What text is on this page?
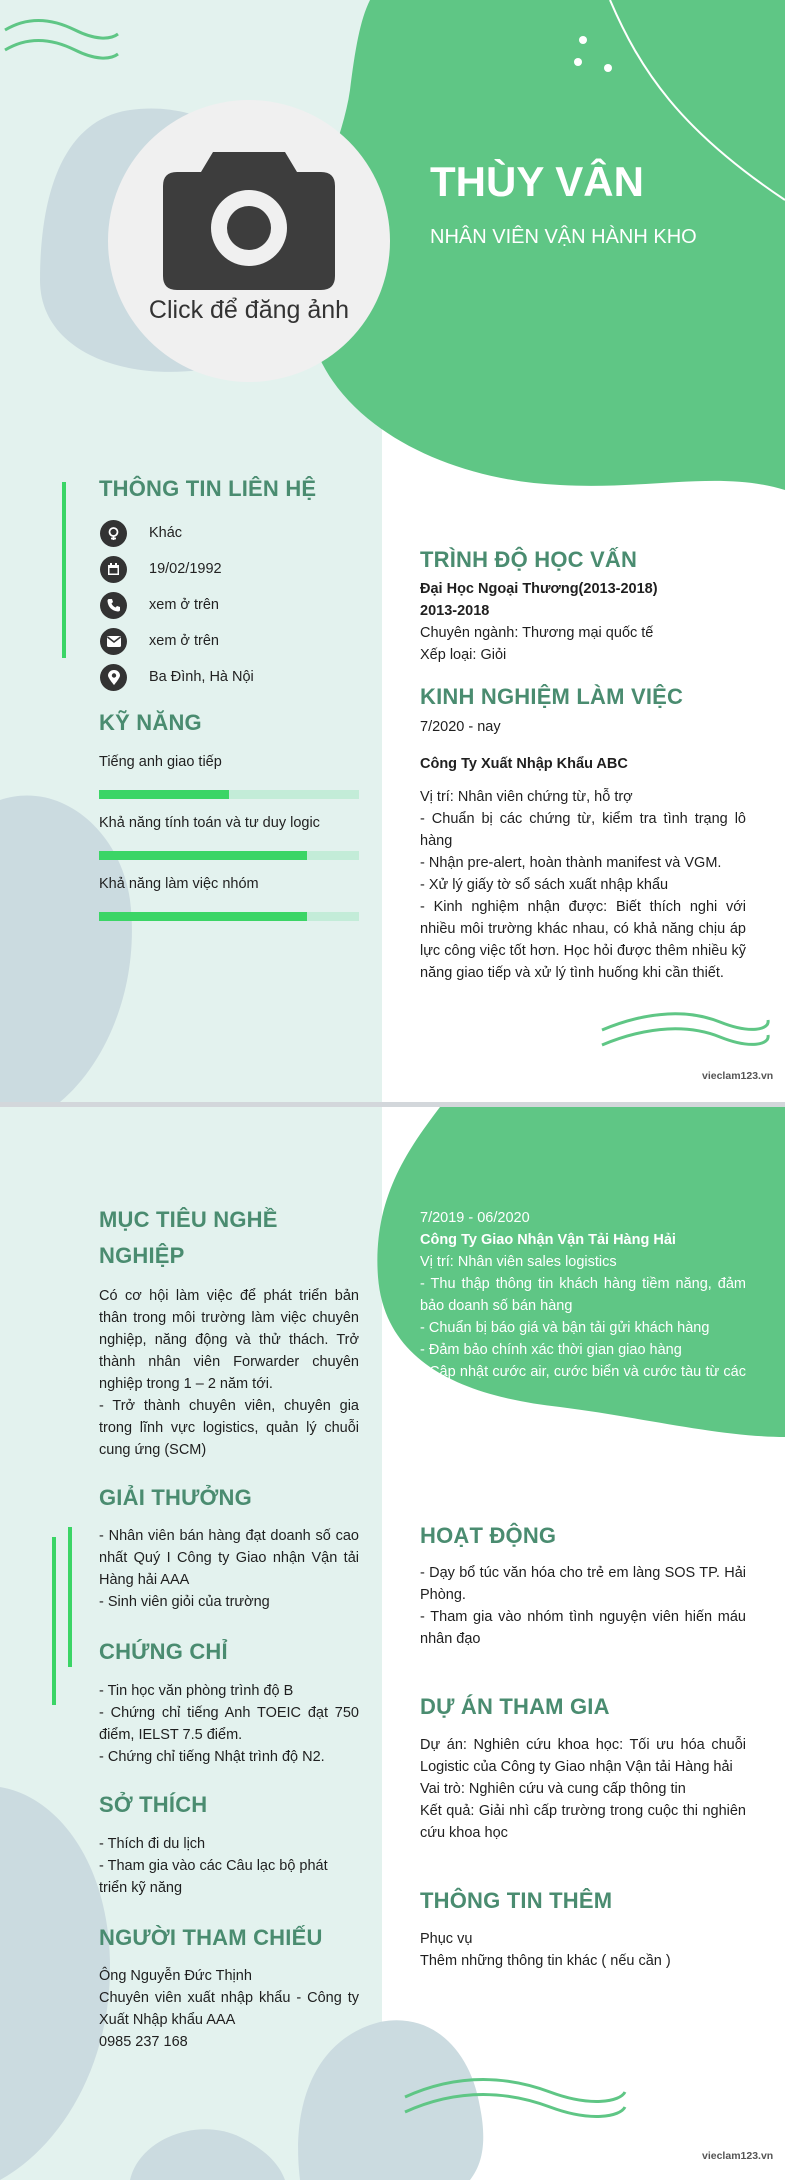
Click để đăng ảnh
THÙY VÂN
NHÂN VIÊN VẬN HÀNH KHO
THÔNG TIN LIÊN HỆ
Khác
19/02/1992
xem ở trên
xem ở trên
Ba Đình, Hà Nội
KỸ NĂNG
Tiếng anh giao tiếp
Khả năng tính toán và tư duy logic
Khả năng làm việc nhóm
TRÌNH ĐỘ HỌC VẤN
Đại Học Ngoại Thương(2013-2018)
2013-2018
Chuyên ngành: Thương mại quốc tế
Xếp loại: Giỏi
KINH NGHIỆM LÀM VIỆC
7/2020 - nay
Công Ty Xuất Nhập Khẩu ABC
Vị trí: Nhân viên chứng từ, hỗ trợ
- Chuẩn bị các chứng từ, kiểm tra tình trạng lô hàng
- Nhận pre-alert, hoàn thành manifest và VGM.
- Xử lý giấy tờ sổ sách xuất nhập khẩu
- Kinh nghiệm nhận được: Biết thích nghi với nhiều môi trường khác nhau, có khả năng chịu áp lực công việc tốt hơn. Học hỏi được thêm nhiều kỹ năng giao tiếp và xử lý tình huống khi cần thiết.
vieclam123.vn
7/2019 - 06/2020
Công Ty Giao Nhận Vận Tải Hàng Hải
Vị trí: Nhân viên sales logistics
- Thu thập thông tin khách hàng tiềm năng, đảm bảo doanh số bán hàng
- Chuẩn bị báo giá và bận tải gửi khách hàng
- Đảm bảo chính xác thời gian giao hàng
- Cập nhật cước air, cước biển và cước tàu từ các đại lý
MỤC TIÊU NGHỀ NGHIỆP
Có cơ hội làm việc để phát triển bản thân trong môi trường làm việc chuyên nghiệp, năng động và thử thách. Trở thành nhân viên Forwarder chuyên nghiệp trong 1 – 2 năm tới.
- Trở thành chuyên viên, chuyên gia trong lĩnh vực logistics, quản lý chuỗi cung ứng (SCM)
GIẢI THƯỞNG
- Nhân viên bán hàng đạt doanh số cao nhất Quý I Công ty Giao nhận Vận tải Hàng hải AAA
- Sinh viên giỏi của trường
CHỨNG CHỈ
- Tin học văn phòng trình độ B
- Chứng chỉ tiếng Anh TOEIC đạt 750 điểm, IELST 7.5 điểm.
- Chứng chỉ tiếng Nhật trình độ N2.
SỞ THÍCH
- Thích đi du lịch
- Tham gia vào các Câu lạc bộ phát triển kỹ năng
NGƯỜI THAM CHIẾU
Ông Nguyễn Đức Thịnh
Chuyên viên xuất nhập khẩu - Công ty Xuất Nhập khẩu AAA
0985 237 168
HOẠT ĐỘNG
- Dạy bổ túc văn hóa cho trẻ em làng SOS TP. Hải Phòng.
- Tham gia vào nhóm tình nguyện viên hiến máu nhân đạo
DỰ ÁN THAM GIA
Dự án: Nghiên cứu khoa học: Tối ưu hóa chuỗi Logistic của Công ty Giao nhận Vận tải Hàng hải
Vai trò: Nghiên cứu và cung cấp thông tin
Kết quả: Giải nhì cấp trường trong cuộc thi nghiên cứu khoa học
THÔNG TIN THÊM
Phục vụ
Thêm những thông tin khác ( nếu cần )
vieclam123.vn
